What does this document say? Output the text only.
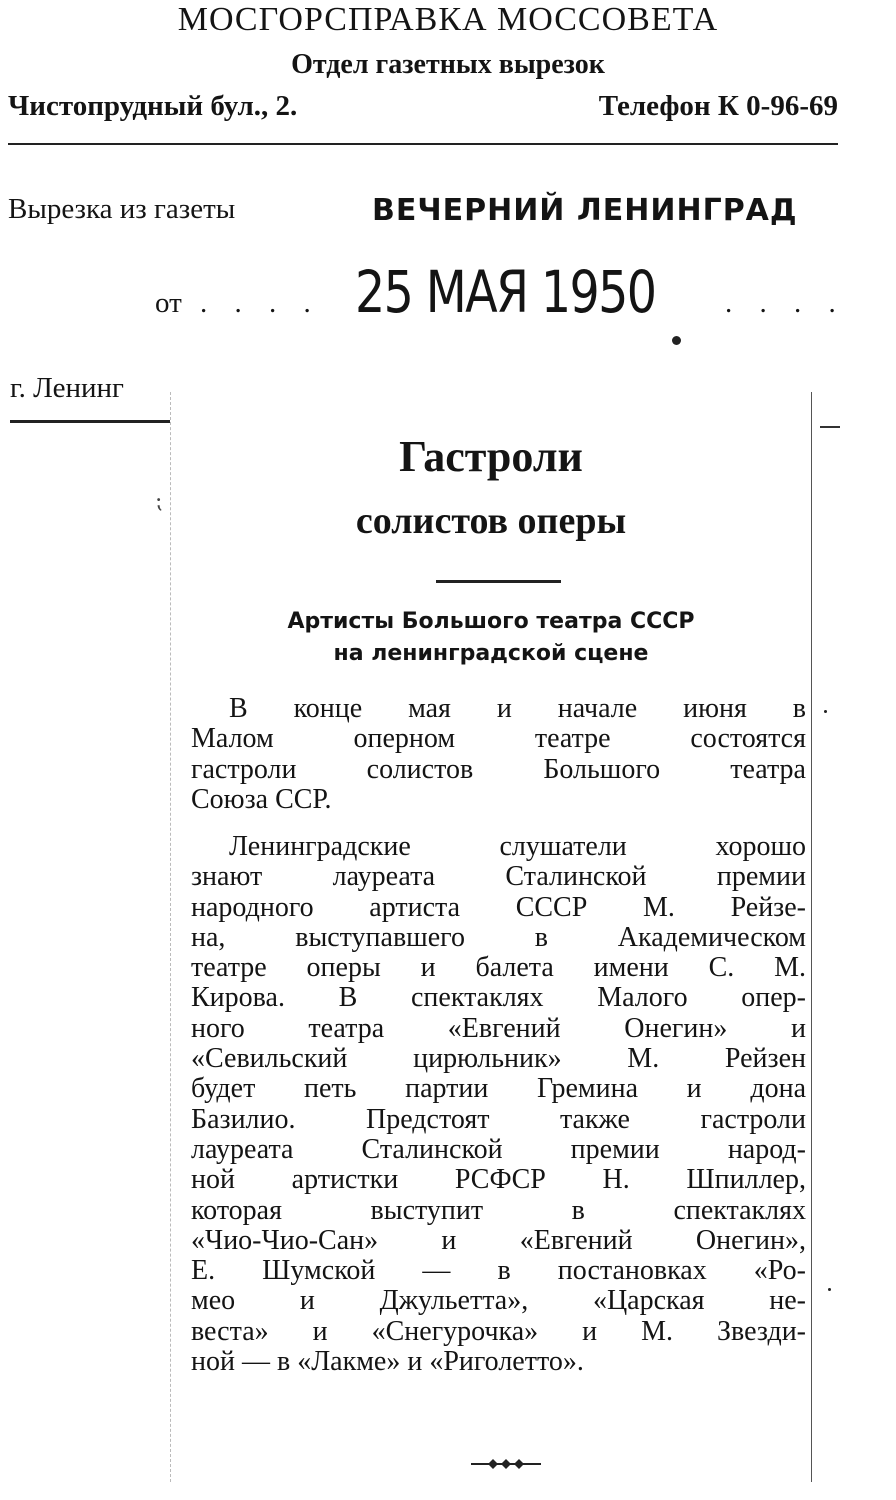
МОСГОРСПРАВКА МОССОВЕТА
Отдел газетных вырезок
Чистопрудный бул., 2.	Телефон К 0-96-69
Вырезка из газеты	ВЕЧЕРНИЙ ЛЕНИНГРАД
от . . . . 25 МАЯ 1950 . . . .
г. Ленинг
⁏
Гастроли
солистов оперы
Артисты Большого театра СССР
на ленинградской сцене
В конце мая и начале июня в
Малом оперном театре состоятся
гастроли солистов Большого театра
Союза ССР.
Ленинградские слушатели хорошо
знают лауреата Сталинской премии
народного артиста СССР М. Рейзе-
на, выступавшего в Академическом
театре оперы и балета имени С. М.
Кирова. В спектаклях Малого опер-
ного театра «Евгений Онегин» и
«Севильский цирюльник» М. Рейзен
будет петь партии Гремина и дона
Базилио. Предстоят также гастроли
лауреата Сталинской премии народ-
ной артистки РСФСР Н. Шпиллер,
которая выступит в спектаклях
«Чио-Чио-Сан» и «Евгений Онегин»,
Е. Шумской — в постановках «Ро-
мео и Джульетта», «Царская не-
веста» и «Снегурочка» и М. Звезди-
ной — в «Лакме» и «Риголетто».
